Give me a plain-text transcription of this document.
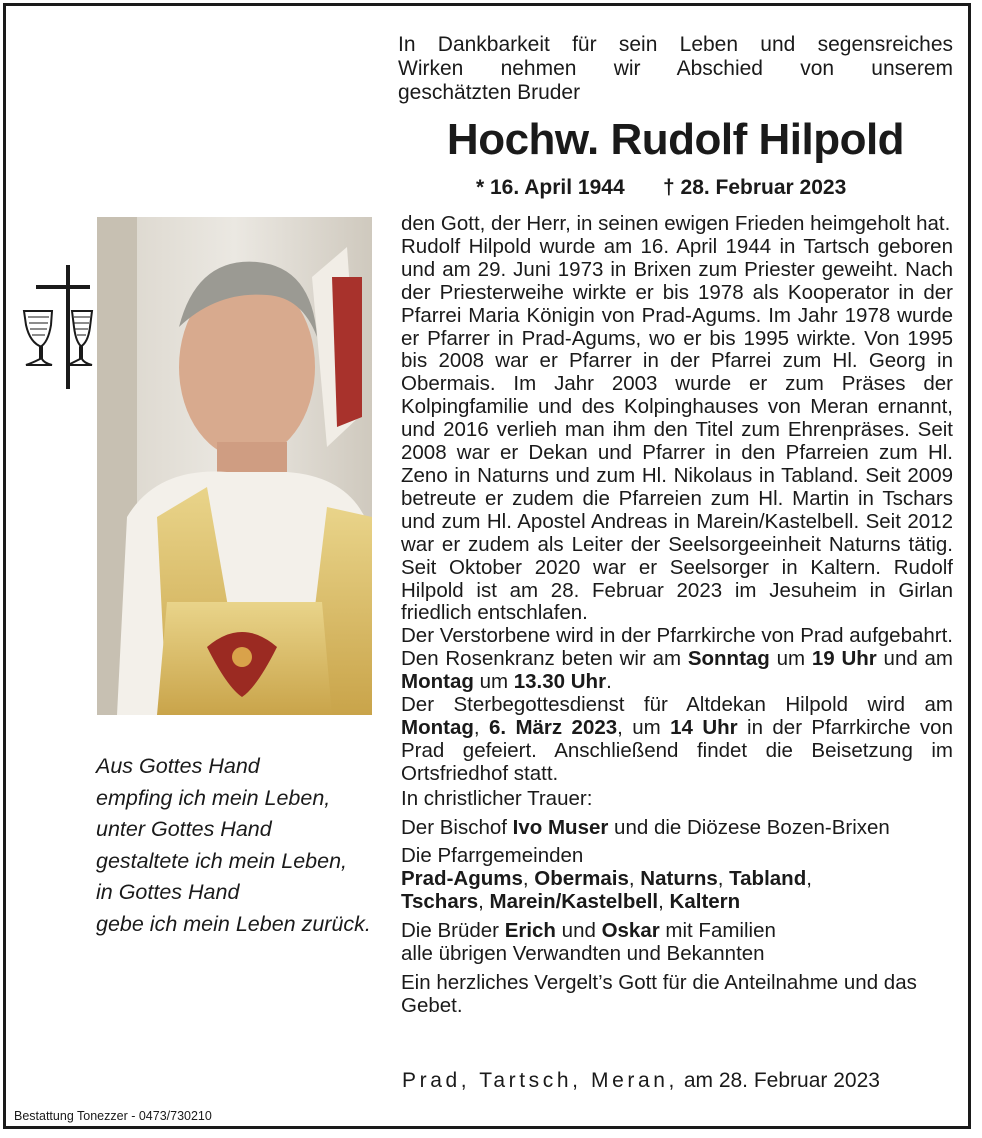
In Dankbarkeit für sein Leben und segensreiches
Wirken nehmen wir Abschied von unserem
geschätzten Bruder
Hochw. Rudolf Hilpold
* 16. April 1944 † 28. Februar 2023
Aus Gottes Hand
empfing ich mein Leben,
unter Gottes Hand
gestaltete ich mein Leben,
in Gottes Hand
gebe ich mein Leben zurück.

den Gott, der Herr, in seinen ewigen Frieden heimgeholt hat.

Rudolf Hilpold wurde am 16. April 1944 in Tartsch geboren und am 29. Juni 1973 in Brixen zum Priester geweiht. Nach der Priesterweihe wirkte er bis 1978 als Kooperator in der Pfarrei Maria Königin von Prad-Agums. Im Jahr 1978 wurde er Pfarrer in Prad-Agums, wo er bis 1995 wirkte. Von 1995 bis 2008 war er Pfarrer in der Pfarrei zum Hl. Georg in Obermais. Im Jahr 2003 wurde er zum Präses der Kolpingfamilie und des Kolpinghauses von Meran ernannt, und 2016 verlieh man ihm den Titel zum Ehrenpräses. Seit 2008 war er Dekan und Pfarrer in den Pfarreien zum Hl. Zeno in Naturns und zum Hl. Nikolaus in Tabland. Seit 2009 betreute er zudem die Pfarreien zum Hl. Martin in Tschars und zum Hl. Apostel Andreas in Marein/Kastelbell. Seit 2012 war er zudem als Leiter der Seelsorgeeinheit Naturns tätig. Seit Oktober 2020 war er Seelsorger in Kaltern. Rudolf Hilpold ist am 28. Februar 2023 im Jesuheim in Girlan friedlich entschlafen.

Der Verstorbene wird in der Pfarrkirche von Prad aufgebahrt. Den Rosenkranz beten wir am Sonntag um 19 Uhr und am Montag um 13.30 Uhr.

Der Sterbegottesdienst für Altdekan Hilpold wird am Montag, 6. März 2023, um 14 Uhr in der Pfarrkirche von Prad gefeiert. Anschließend findet die Beisetzung im Ortsfriedhof statt.

In christlicher Trauer:
Der Bischof Ivo Muser und die Diözese Bozen-Brixen
Die Pfarrgemeinden
Prad-Agums, Obermais, Naturns, Tabland,
Tschars, Marein/Kastelbell, Kaltern
Die Brüder Erich und Oskar mit Familien
alle übrigen Verwandten und Bekannten
Ein herzliches Vergelt’s Gott für die Anteilnahme und das Gebet.
Prad, Tartsch, Meran, am 28. Februar 2023
Bestattung Tonezzer - 0473/730210
